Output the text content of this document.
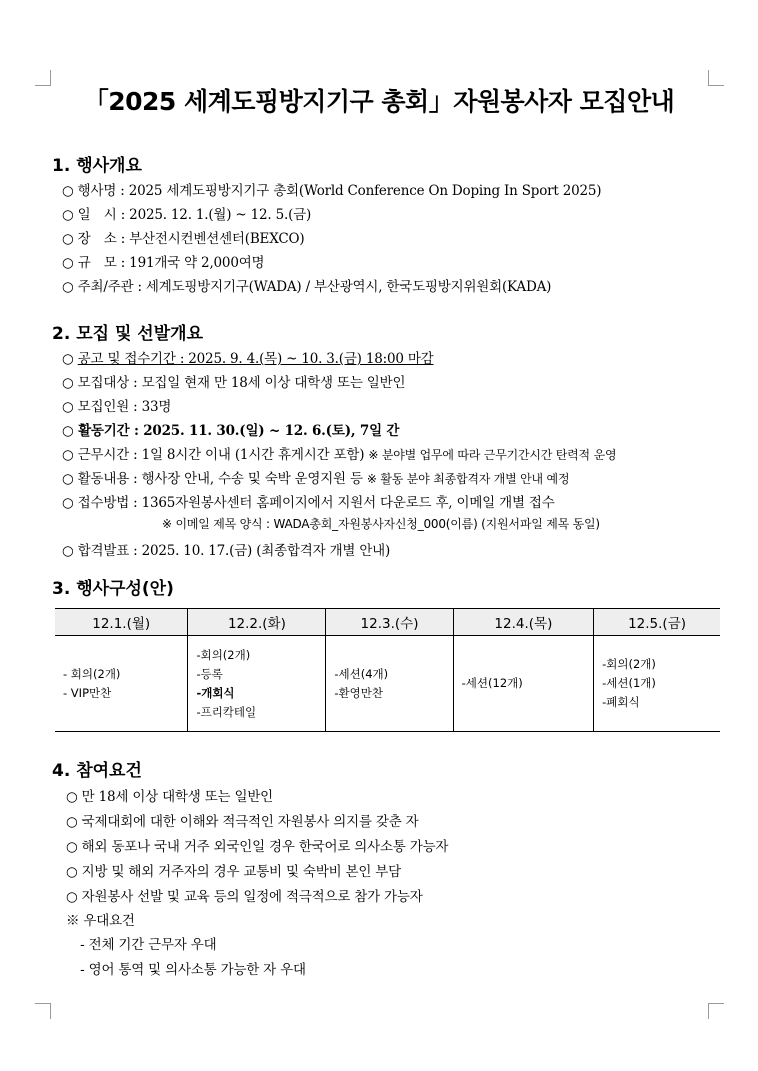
「2025 세계도핑방지기구 총회」자원봉사자 모집안내
1. 행사개요
○ 행사명 : 2025 세계도핑방지기구 총회(World Conference On Doping In Sport 2025)
○ 일　시 : 2025. 12. 1.(월) ~ 12. 5.(금)
○ 장　소 : 부산전시컨벤션센터(BEXCO)
○ 규　모 : 191개국 약 2,000여명
○ 주최/주관 : 세계도핑방지기구(WADA) / 부산광역시, 한국도핑방지위원회(KADA)
2. 모집 및 선발개요
○ 공고 및 접수기간 : 2025. 9. 4.(목) ~ 10. 3.(금) 18:00 마감
○ 모집대상 : 모집일 현재 만 18세 이상 대학생 또는 일반인
○ 모집인원 : 33명
○ 활동기간 : 2025. 11. 30.(일) ~ 12. 6.(토), 7일 간
○ 근무시간 : 1일 8시간 이내 (1시간 휴게시간 포함) ※ 분야별 업무에 따라 근무기간시간 탄력적 운영
○ 활동내용 : 행사장 안내, 수송 및 숙박 운영지원 등 ※ 활동 분야 최종합격자 개별 안내 예정
○ 접수방법 : 1365자원봉사센터 홈페이지에서 지원서 다운로드 후, 이메일 개별 접수
※ 이메일 제목 양식 : WADA총회_자원봉사자신청_000(이름) (지원서파일 제목 동일)
○ 합격발표 : 2025. 10. 17.(금) (최종합격자 개별 안내)
3. 행사구성(안)
12.1.(월)	12.2.(화)	12.3.(수)	12.4.(목)	12.5.(금)

- 회의(2개)
- VIP만찬	-회의(2개)
-등록
-개회식
-프리칵테일	-세션(4개)
-환영만찬	-세션(12개)	-회의(2개)
-세션(1개)
-폐회식
4. 참여요건
○ 만 18세 이상 대학생 또는 일반인
○ 국제대회에 대한 이해와 적극적인 자원봉사 의지를 갖춘 자
○ 해외 동포나 국내 거주 외국인일 경우 한국어로 의사소통 가능자
○ 지방 및 해외 거주자의 경우 교통비 및 숙박비 본인 부담
○ 자원봉사 선발 및 교육 등의 일정에 적극적으로 참가 가능자
※ 우대요건
- 전체 기간 근무자 우대
- 영어 통역 및 의사소통 가능한 자 우대
